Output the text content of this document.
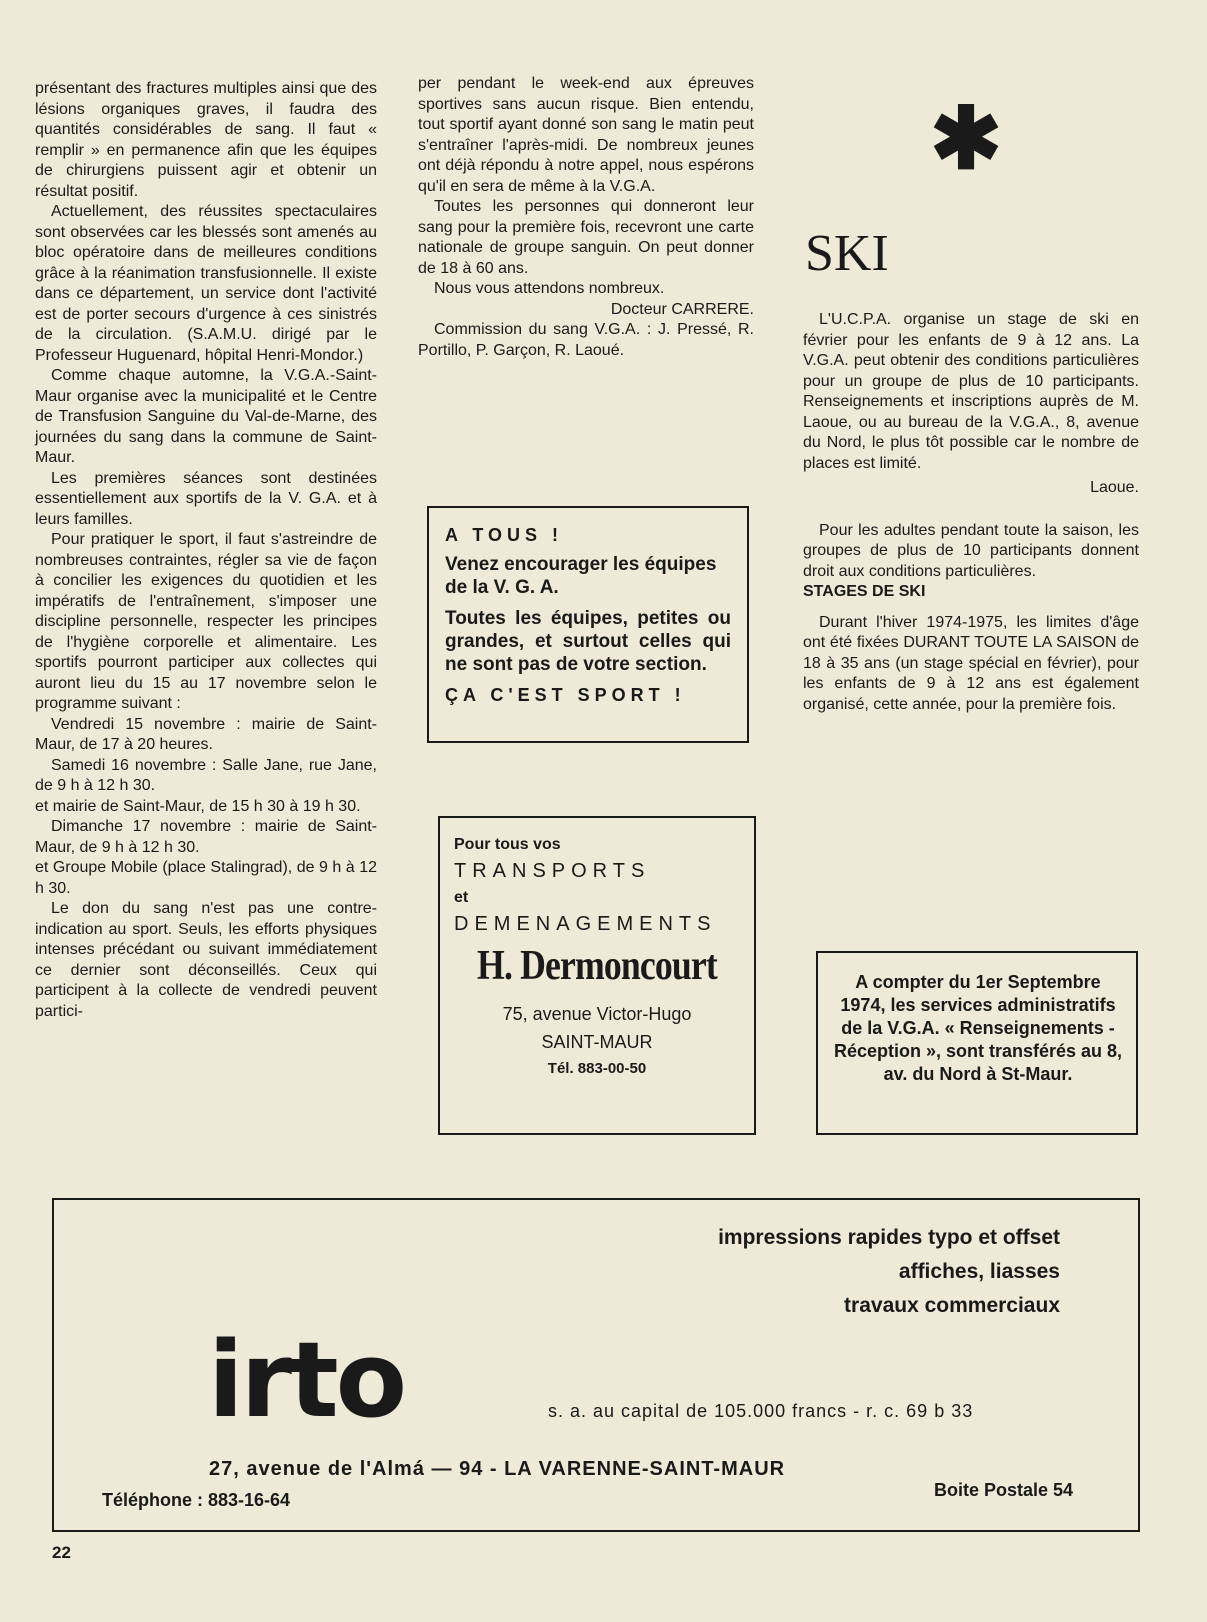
présentant des fractures multiples ainsi que des lésions organiques graves, il faudra des quantités considérables de sang. Il faut « remplir » en permanence afin que les équipes de chirurgiens puissent agir et obtenir un résultat positif.

Actuellement, des réussites spectaculaires sont observées car les blessés sont amenés au bloc opératoire dans de meilleures conditions grâce à la réanimation transfusionnelle. Il existe dans ce département, un service dont l'activité est de porter secours d'urgence à ces sinistrés de la circulation. (S.A.M.U. dirigé par le Professeur Huguenard, hôpital Henri-Mondor.)

Comme chaque automne, la V.G.A.-Saint-Maur organise avec la municipalité et le Centre de Transfusion Sanguine du Val-de-Marne, des journées du sang dans la commune de Saint-Maur.

Les premières séances sont destinées essentiellement aux sportifs de la V. G.A. et à leurs familles.

Pour pratiquer le sport, il faut s'astreindre de nombreuses contraintes, régler sa vie de façon à concilier les exigences du quotidien et les impératifs de l'entraînement, s'imposer une discipline personnelle, respecter les principes de l'hygiène corporelle et alimentaire. Les sportifs pourront participer aux collectes qui auront lieu du 15 au 17 novembre selon le programme suivant :

Vendredi 15 novembre : mairie de Saint-Maur, de 17 à 20 heures.

Samedi 16 novembre : Salle Jane, rue Jane, de 9 h à 12 h 30.

et mairie de Saint-Maur, de 15 h 30 à 19 h 30.

Dimanche 17 novembre : mairie de Saint-Maur, de 9 h à 12 h 30.

et Groupe Mobile (place Stalingrad), de 9 h à 12 h 30.

Le don du sang n'est pas une contre-indication au sport. Seuls, les efforts physiques intenses précédant ou suivant immédiatement ce dernier sont déconseillés. Ceux qui participent à la collecte de vendredi peuvent partici-

per pendant le week-end aux épreuves sportives sans aucun risque. Bien entendu, tout sportif ayant donné son sang le matin peut s'entraîner l'après-midi. De nombreux jeunes ont déjà répondu à notre appel, nous espérons qu'il en sera de même à la V.G.A.

Toutes les personnes qui donneront leur sang pour la première fois, recevront une carte nationale de groupe sanguin. On peut donner de 18 à 60 ans.

Nous vous attendons nombreux.

Docteur CARRERE.

Commission du sang V.G.A. : J. Pressé, R. Portillo, P. Garçon, R. Laoué.

A TOUS !
Venez encourager les équipes de la V. G. A.
Toutes les équipes, petites ou grandes, et surtout celles qui ne sont pas de votre section.
ÇA C'EST SPORT !
Pour tous vos
TRANSPORTS
et
DEMENAGEMENTS
H. Dermoncourt
75, avenue Victor-Hugo
SAINT-MAUR
Tél. 883-00-50
✱
SKI

L'U.C.P.A. organise un stage de ski en février pour les enfants de 9 à 12 ans. La V.G.A. peut obtenir des conditions particulières pour un groupe de plus de 10 participants. Renseignements et inscriptions auprès de M. Laoue, ou au bureau de la V.G.A., 8, avenue du Nord, le plus tôt possible car le nombre de places est limité.

Laoue.

Pour les adultes pendant toute la saison, les groupes de plus de 10 participants donnent droit aux conditions particulières.

STAGES DE SKI

Durant l'hiver 1974-1975, les limites d'âge ont été fixées DURANT TOUTE LA SAISON de 18 à 35 ans (un stage spécial en février), pour les enfants de 9 à 12 ans est également organisé, cette année, pour la première fois.

A compter du 1er Septembre 1974, les services administratifs de la V.G.A. « Renseignements - Réception », sont transférés au 8, av. du Nord à St-Maur.
impressions rapides typo et offset
affiches, liasses
travaux commerciaux
irto	s. a. au capital de 105.000 francs - r. c. 69 b 33
27, avenue de l'Almá — 94 - LA VARENNE-SAINT-MAUR
Téléphone : 883-16-64	Boite Postale 54
22
